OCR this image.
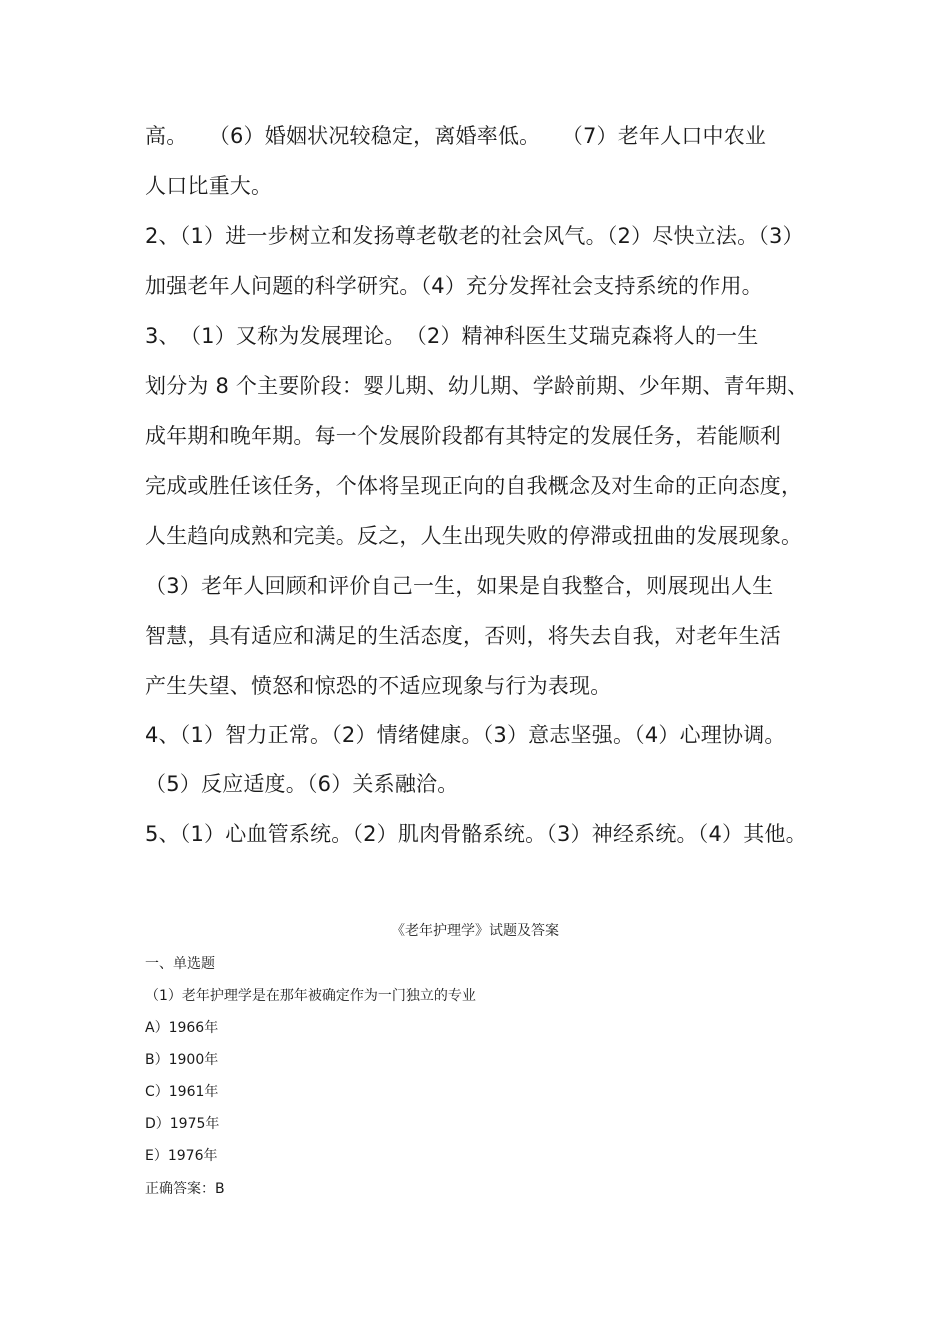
高。　　（6）婚姻状况较稳定，离婚率低。　　（7）老年人口中农业
人口比重大。
2、（1）进一步树立和发扬尊老敬老的社会风气。（2）尽快立法。（3）
加强老年人问题的科学研究。（4）充分发挥社会支持系统的作用。
3、　（1）又称为发展理论。　（2）精神科医生艾瑞克森将人的一生
划分为 8 个主要阶段：婴儿期、幼儿期、学龄前期、少年期、青年期、
成年期和晚年期。每一个发展阶段都有其特定的发展任务，若能顺利
完成或胜任该任务，个体将呈现正向的自我概念及对生命的正向态度，
人生趋向成熟和完美。反之，人生出现失败的停滞或扭曲的发展现象。
（3）老年人回顾和评价自己一生，如果是自我整合，则展现出人生
智慧，具有适应和满足的生活态度，否则，将失去自我，对老年生活
产生失望、愤怒和惊恐的不适应现象与行为表现。
4、（1）智力正常。（2）情绪健康。（3）意志坚强。（4）心理协调。
（5）反应适度。（6）关系融洽。
5、（1）心血管系统。（2）肌肉骨骼系统。（3）神经系统。（4）其他。
《老年护理学》试题及答案
一、单选题
（1）老年护理学是在那年被确定作为一门独立的专业
A）1966年
B）1900年
C）1961年
D）1975年
E）1976年
正确答案：B
